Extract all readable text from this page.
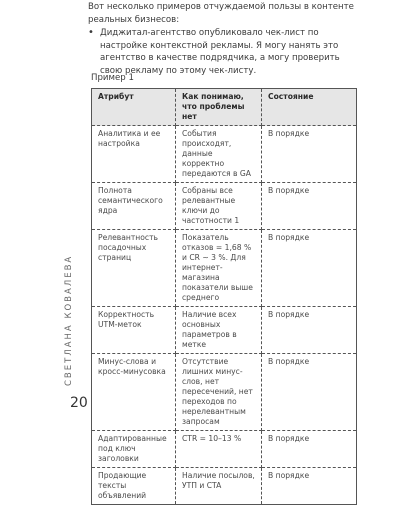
Вот несколько примеров отчуждаемой пользы в контенте реальных бизнесов:
• Диджитал-агентство опубликовало чек-лист по настройке контекстной рекламы. Я могу нанять это агентство в качестве подрядчика, а могу проверить свою рекламу по этому чек-листу.
Пример 1
Атрибут	Как понимаю, что проблемы нет	Состояние
Аналитика и ее настройка	События происходят, данные корректно передаются в GA	В порядке
Полнота семантического ядра	Собраны все релевантные ключи до частотности 1	В порядке
Релевантность посадочных страниц	Показатель отказов = 1,68 % и CR ~ 3 %. Для интернет-магазина показатели выше среднего	В порядке
Корректность UTM-меток	Наличие всех основных параметров в метке	В порядке
Минус-слова и кросс-минусовка	Отсутствие лишних минус-слов, нет пересечений, нет переходов по нерелевантным запросам	В порядке
Адаптированные под ключ заголовки	CTR = 10–13 %	В порядке
Продающие тексты объявлений	Наличие посылов, УТП и CTA	В порядке
СВЕТЛАНА КОВАЛЕВА
20
